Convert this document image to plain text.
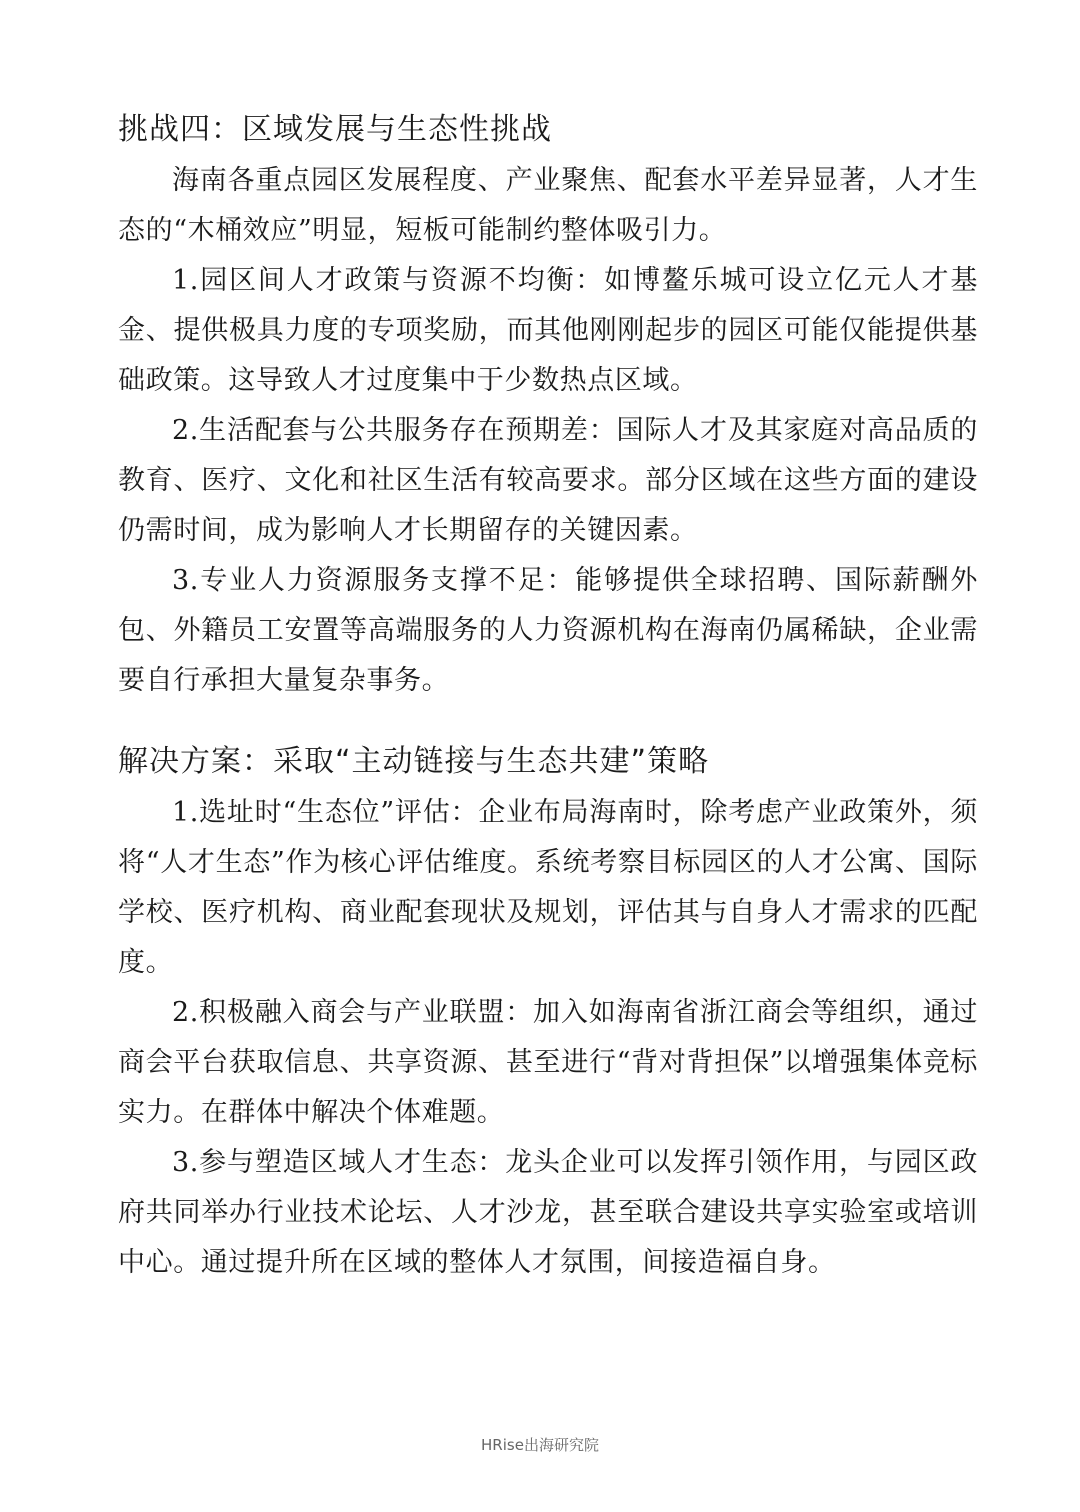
挑战四：区域发展与生态性挑战

海南各重点园区发展程度、产业聚焦、配套水平差异显著，人才生态的“木桶效应”明显，短板可能制约整体吸引力。

1.园区间人才政策与资源不均衡：如博鳌乐城可设立亿元人才基金、提供极具力度的专项奖励，而其他刚刚起步的园区可能仅能提供基础政策。这导致人才过度集中于少数热点区域。

2.生活配套与公共服务存在预期差：国际人才及其家庭对高品质的教育、医疗、文化和社区生活有较高要求。部分区域在这些方面的建设仍需时间，成为影响人才长期留存的关键因素。

3.专业人力资源服务支撑不足：能够提供全球招聘、国际薪酬外包、外籍员工安置等高端服务的人力资源机构在海南仍属稀缺，企业需要自行承担大量复杂事务。

解决方案：采取“主动链接与生态共建”策略

1.选址时“生态位”评估：企业布局海南时，除考虑产业政策外，须将“人才生态”作为核心评估维度。系统考察目标园区的人才公寓、国际学校、医疗机构、商业配套现状及规划，评估其与自身人才需求的匹配度。

2.积极融入商会与产业联盟：加入如海南省浙江商会等组织，通过商会平台获取信息、共享资源、甚至进行“背对背担保”以增强集体竞标实力。在群体中解决个体难题。

3.参与塑造区域人才生态：龙头企业可以发挥引领作用，与园区政府共同举办行业技术论坛、人才沙龙，甚至联合建设共享实验室或培训中心。通过提升所在区域的整体人才氛围，间接造福自身。

HRise出海研究院
